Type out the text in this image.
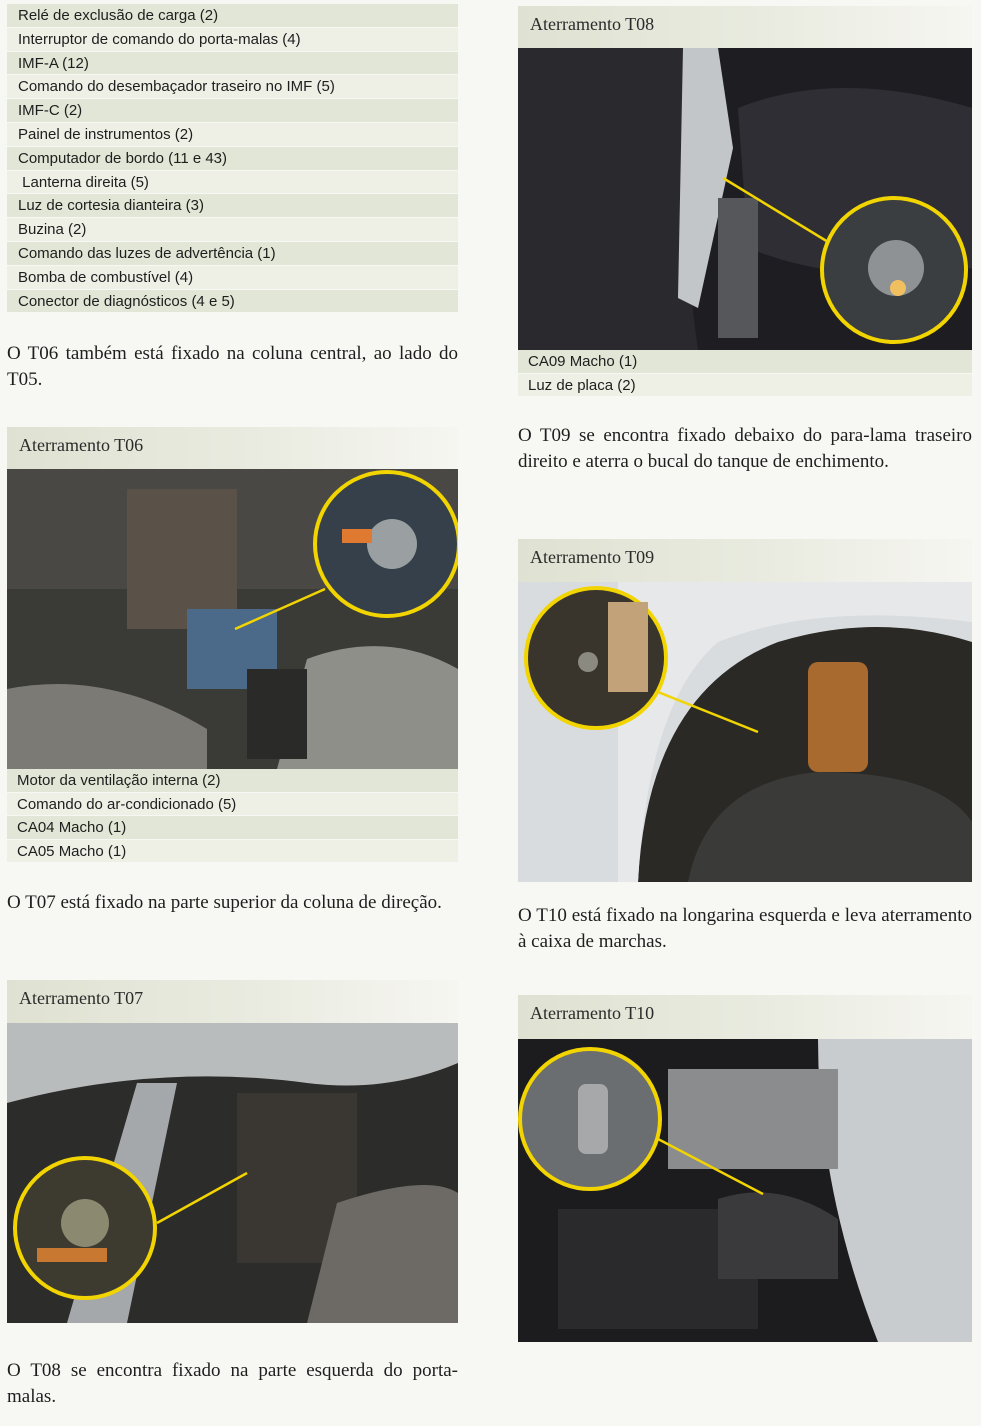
Relé de exclusão de carga (2)
Interruptor de comando do porta-malas (4)
IMF-A (12)
Comando do desembaçador traseiro no IMF (5)
IMF-C (2)
Painel de instrumentos (2)
Computador de bordo (11 e 43)
Lanterna direita (5)
Luz de cortesia dianteira (3)
Buzina (2)
Comando das luzes de advertência (1)
Bomba de combustível (4)
Conector de diagnósticos (4 e 5)
O T06 também está fixado na coluna central, ao lado do T05.
Aterramento T06
Motor da ventilação interna (2)
Comando do ar-condicionado (5)
CA04 Macho (1)
CA05 Macho (1)
O T07 está fixado na parte superior da coluna de direção.
Aterramento T07
O T08 se encontra fixado na parte esquerda do porta-malas.
Aterramento T08
CA09 Macho (1)
Luz de placa (2)
O T09 se encontra fixado debaixo do para-lama traseiro direito e aterra o bucal do tanque de enchimento.
Aterramento T09
O T10 está fixado na longarina esquerda e leva aterramento à caixa de marchas.
Aterramento T10
